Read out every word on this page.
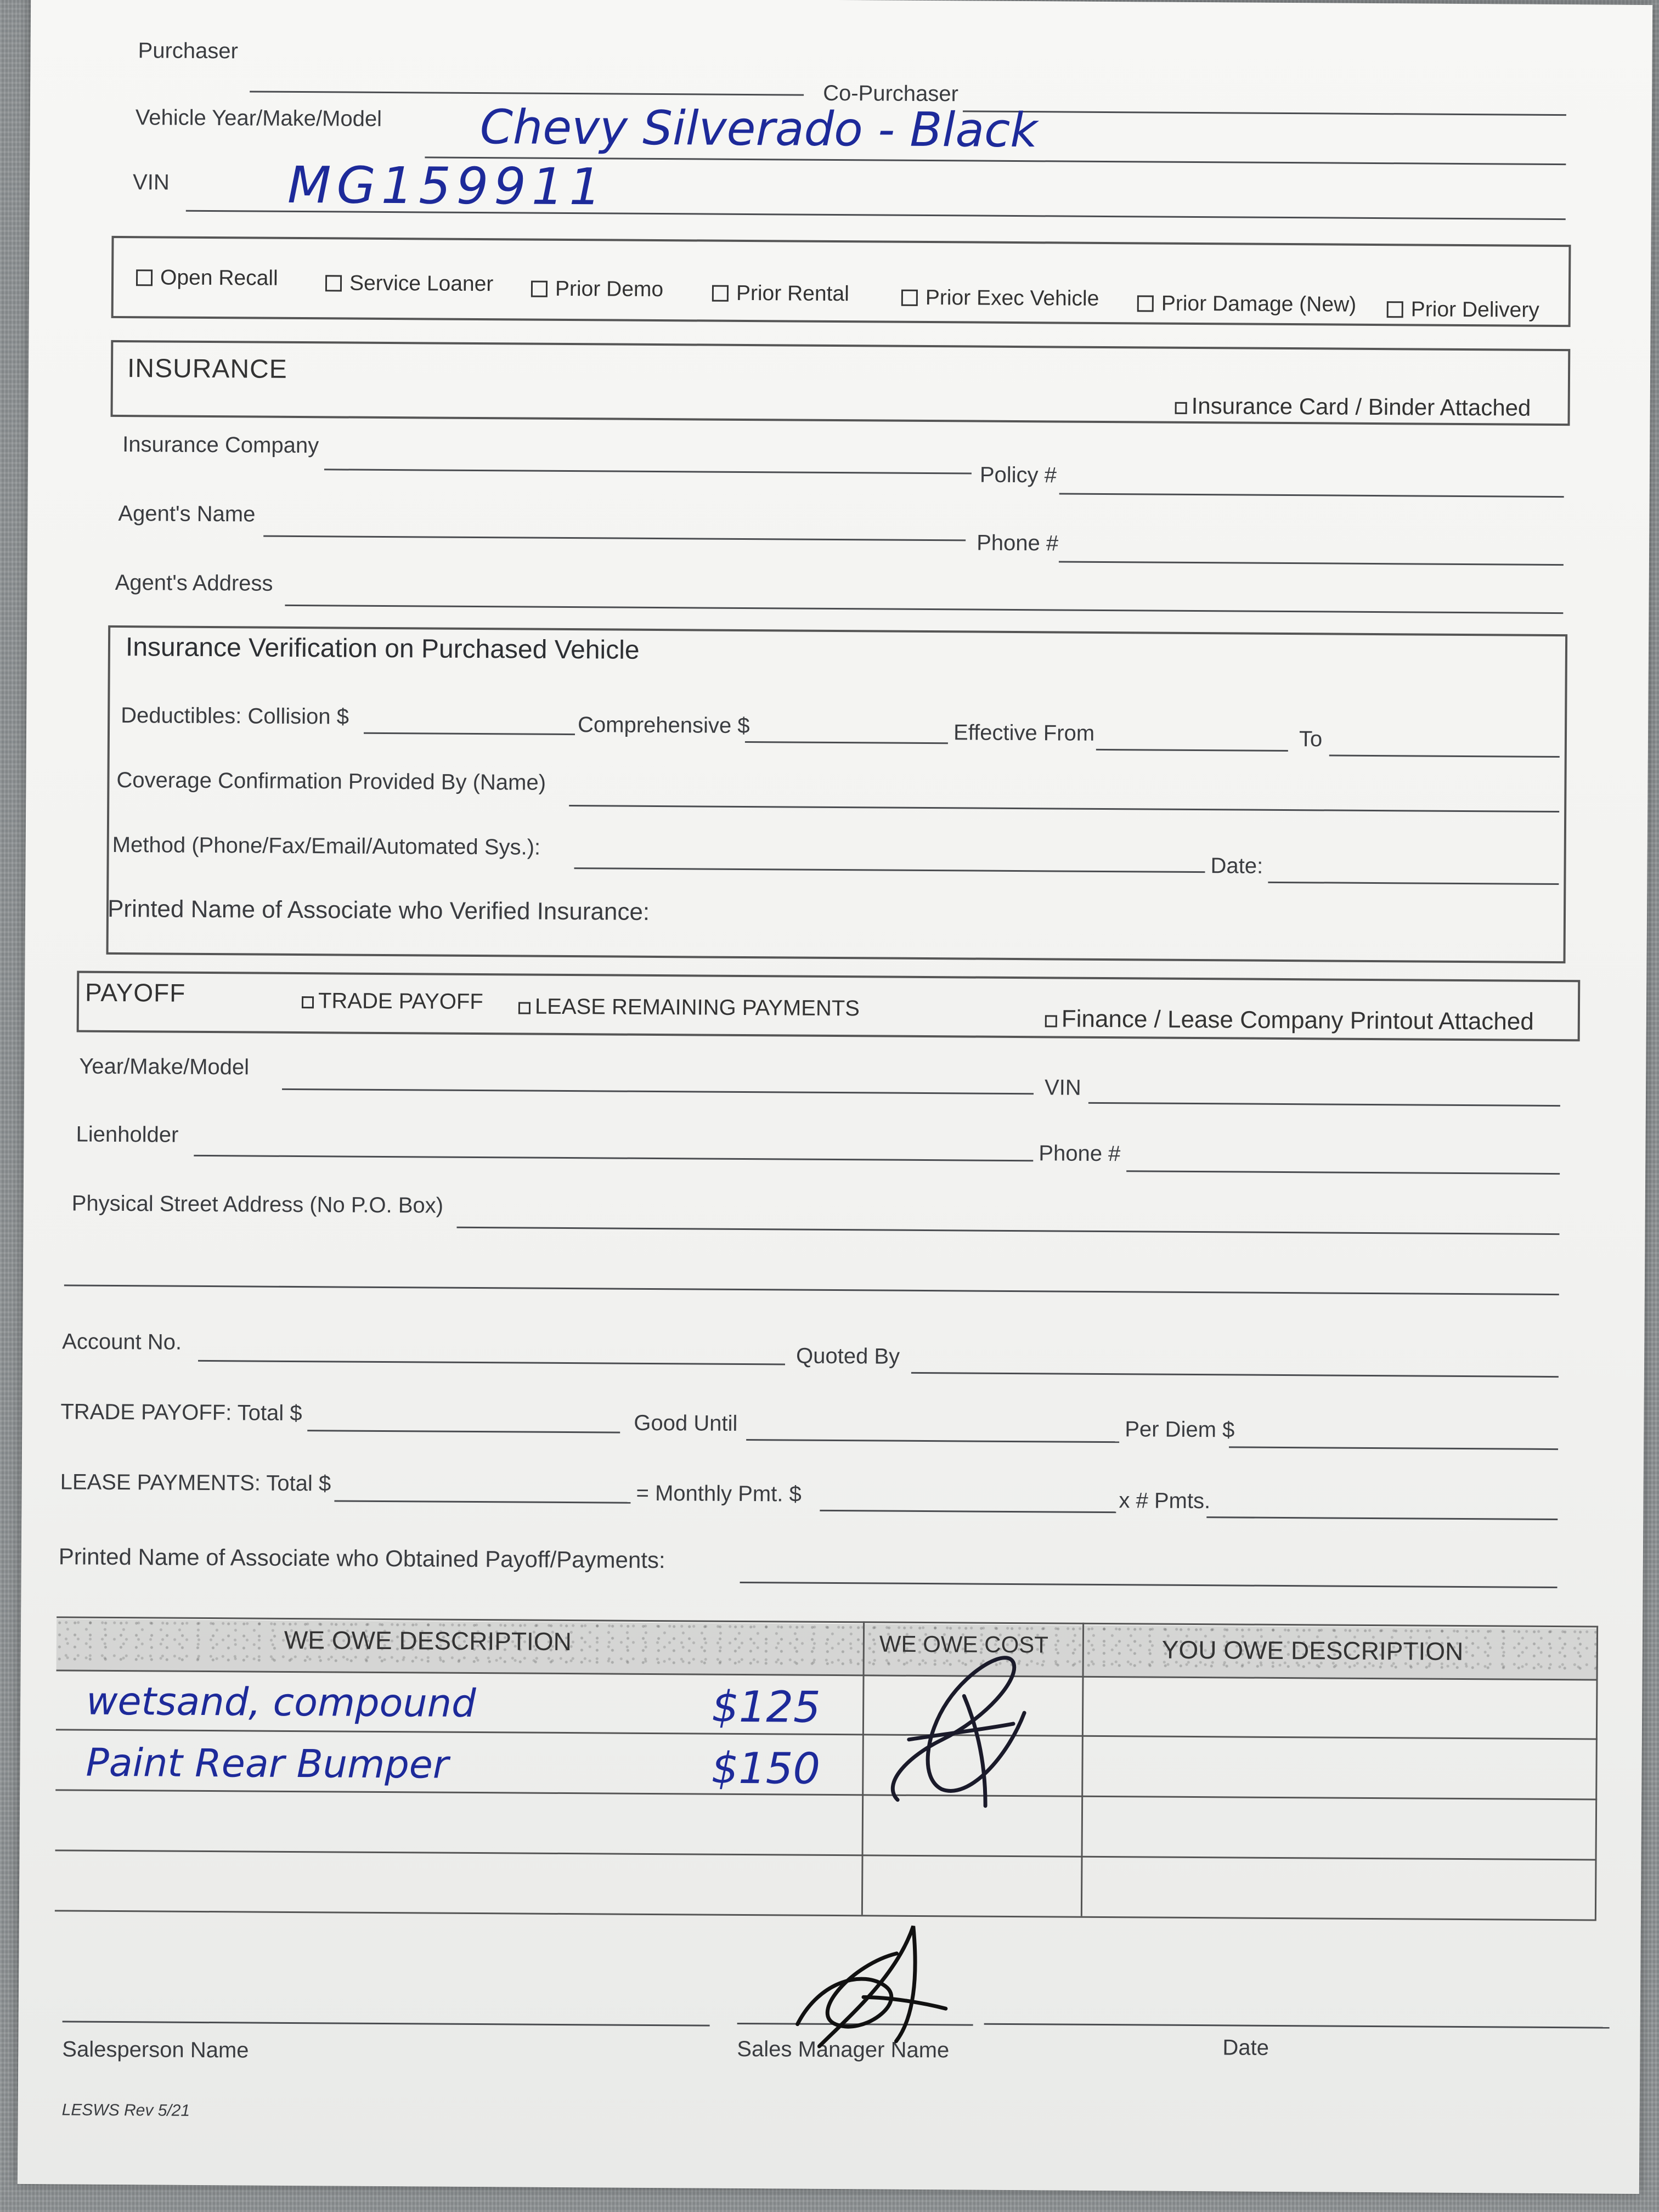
Purchaser
Co-Purchaser
Vehicle Year/Make/Model Chevy Silverado - Black
VIN MG159911
Open Recall	Service Loaner	Prior Demo	Prior Rental	Prior Exec Vehicle	Prior Damage (New)	Prior Delivery
INSURANCE
Insurance Card / Binder Attached
Insurance Company
Policy #
Agent's Name
Phone #
Agent's Address
Insurance Verification on Purchased Vehicle
Deductibles: Collision $	Comprehensive $	Effective From	To
Coverage Confirmation Provided By (Name)
Method (Phone/Fax/Email/Automated Sys.):
Date:
Printed Name of Associate who Verified Insurance:
PAYOFF	TRADE PAYOFF	LEASE REMAINING PAYMENTS	Finance / Lease Company Printout Attached
Year/Make/Model
VIN
Lienholder
Phone #
Physical Street Address (No P.O. Box)
Account No.
Quoted By
TRADE PAYOFF: Total $	Good Until	Per Diem $
LEASE PAYMENTS: Total $	= Monthly Pmt. $	x # Pmts.
Printed Name of Associate who Obtained Payoff/Payments:
WE OWE DESCRIPTION	WE OWE COST	YOU OWE DESCRIPTION
wetsand, compound	$125
Paint Rear Bumper	$150
Salesperson Name	Sales Manager Name	Date
LESWS Rev 5/21
